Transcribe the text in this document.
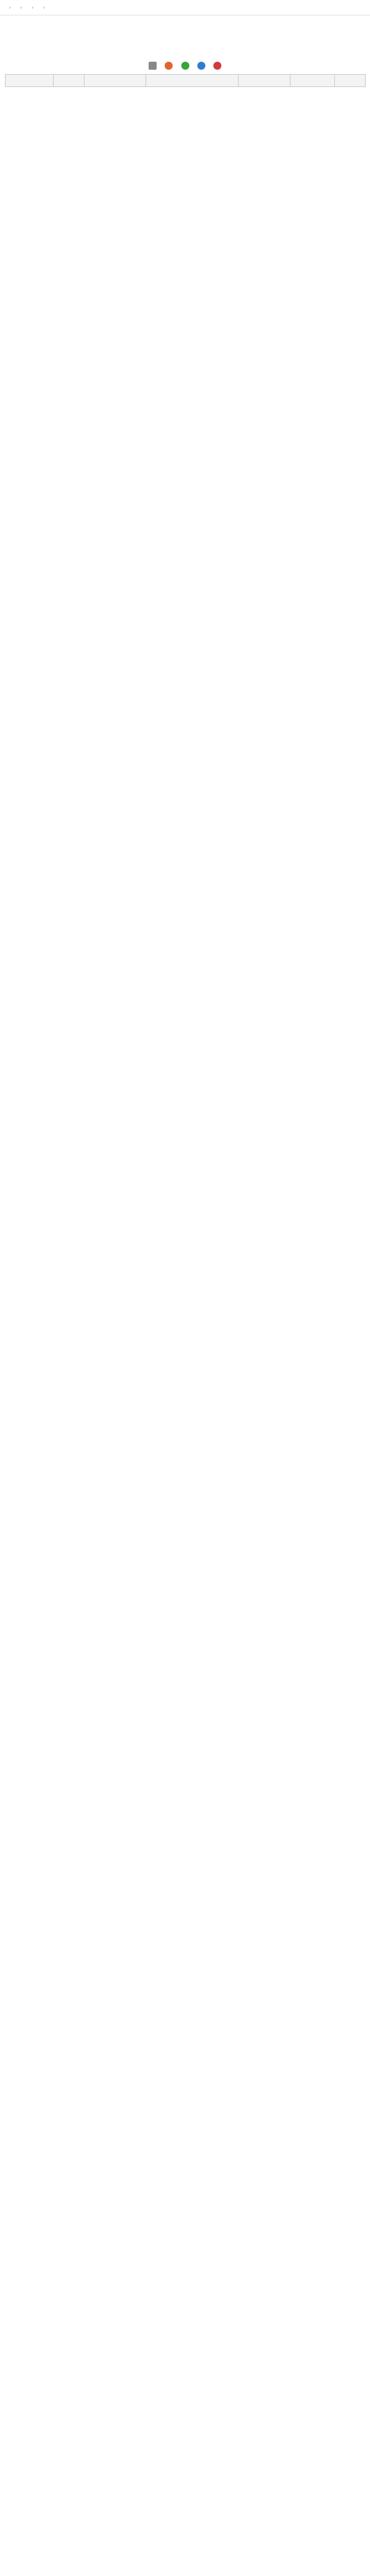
› › › ›
